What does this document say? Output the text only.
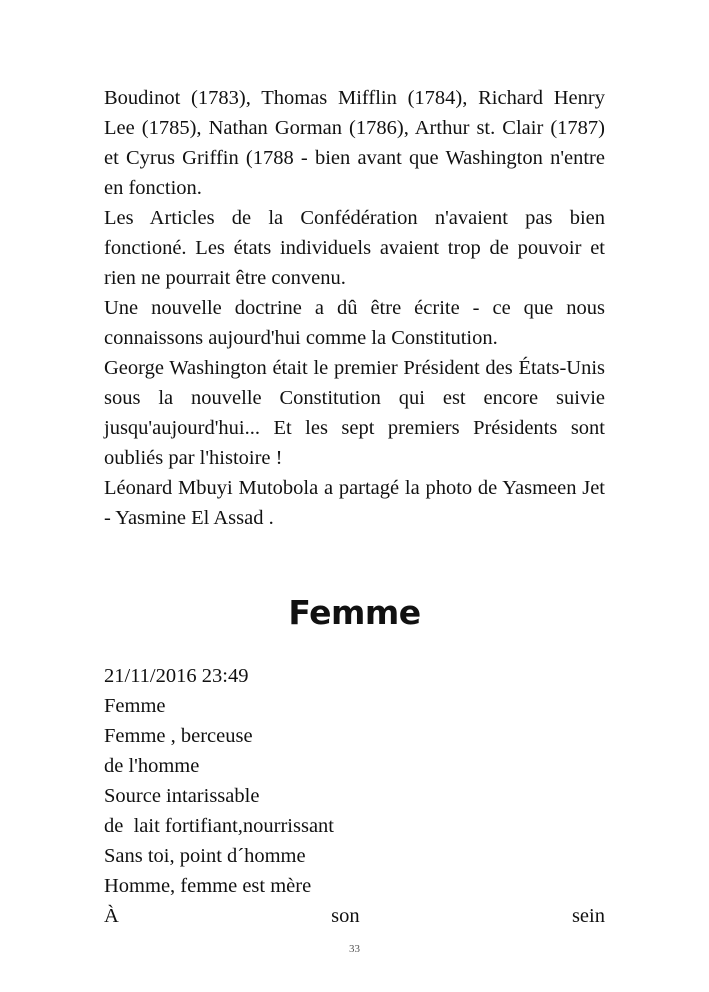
Boudinot (1783), Thomas Mifflin (1784), Richard Henry Lee (1785), Nathan Gorman (1786), Arthur st. Clair (1787) et Cyrus Griffin (1788 - bien avant que Washington n'entre en fonction.

Les Articles de la Confédération n'avaient pas bien fonctioné. Les états individuels avaient trop de pouvoir et rien ne pourrait être convenu.

Une nouvelle doctrine a dû être écrite - ce que nous connaissons aujourd'hui comme la Constitution.

George Washington était le premier Président des États-Unis sous la nouvelle Constitution qui est encore suivie jusqu'aujourd'hui... Et les sept premiers Présidents sont oubliés par l'histoire !

Léonard Mbuyi Mutobola a partagé la photo de Yasmeen Jet - Yasmine El Assad .

Femme

21/11/2016 23:49

Femme

Femme , berceuse

de l'homme

Source intarissable

de  lait fortifiant,nourrissant

Sans toi, point d´homme

Homme, femme est mère

À	son	sein

33
